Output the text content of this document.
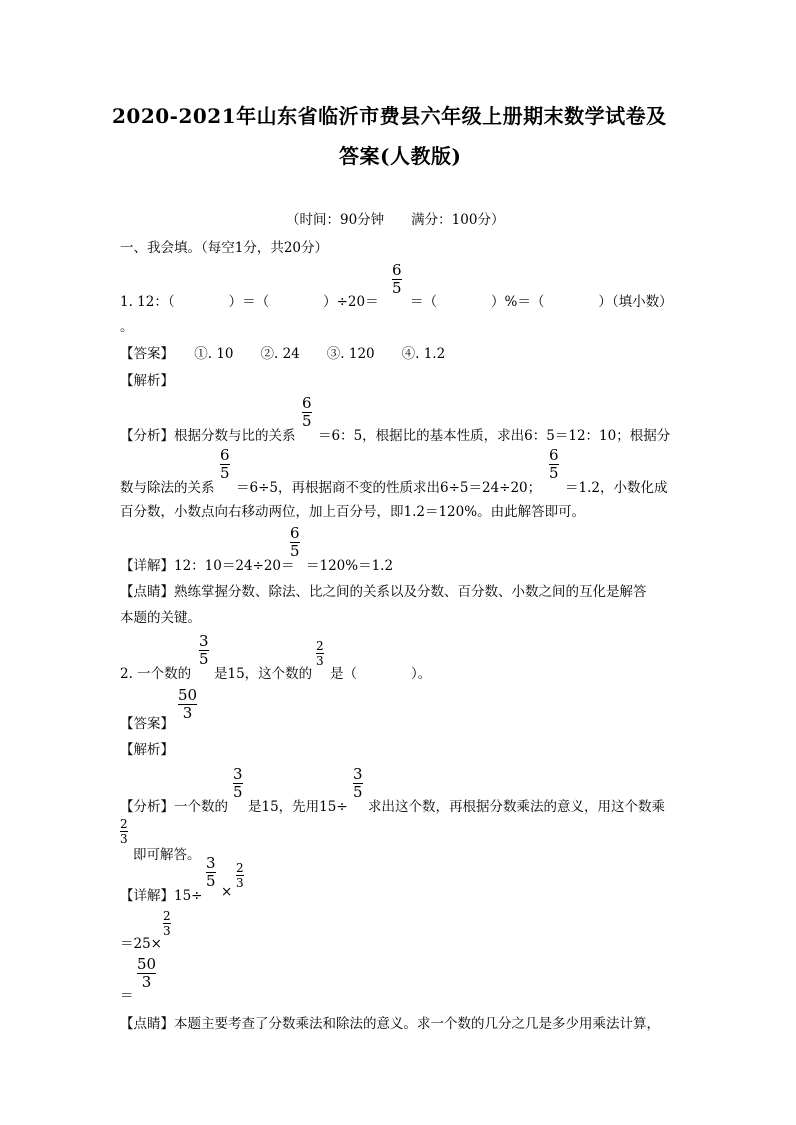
2020-2021年山东省临沂市费县六年级上册期末数学试卷及
答案(人教版)
（时间：90分钟　　满分：100分）
一、我会填。（每空1分，共20分）
1. 12：（　　　　）＝（　　　　）÷20＝
6
5
＝（　　　　）%＝（　　　　）（填小数）
。
【答案】　　①. 10　　②. 24　　③. 120　　④. 1.2
【解析】
【分析】根据分数与比的关系
6
5
＝6：5，根据比的基本性质，求出6：5＝12：10；根据分
数与除法的关系
6
5
＝6÷5，再根据商不变的性质求出6÷5＝24÷20；
6
5
＝1.2，小数化成
百分数，小数点向右移动两位，加上百分号，即1.2＝120%。由此解答即可。
【详解】12：10＝24÷20＝
6
5
＝120%＝1.2
【点睛】熟练掌握分数、除法、比之间的关系以及分数、百分数、小数之间的互化是解答
本题的关键。
2. 一个数的
3
5
是15，这个数的
2
3
是（　　　　）。
【答案】
50
3
【解析】
【分析】一个数的
3
5
是15，先用15÷
3
5
求出这个数，再根据分数乘法的意义，用这个数乘
2
3
即可解答。
【详解】15÷
3
5
×
2
3
＝25×
2
3
＝
50
3
【点睛】本题主要考查了分数乘法和除法的意义。求一个数的几分之几是多少用乘法计算，
